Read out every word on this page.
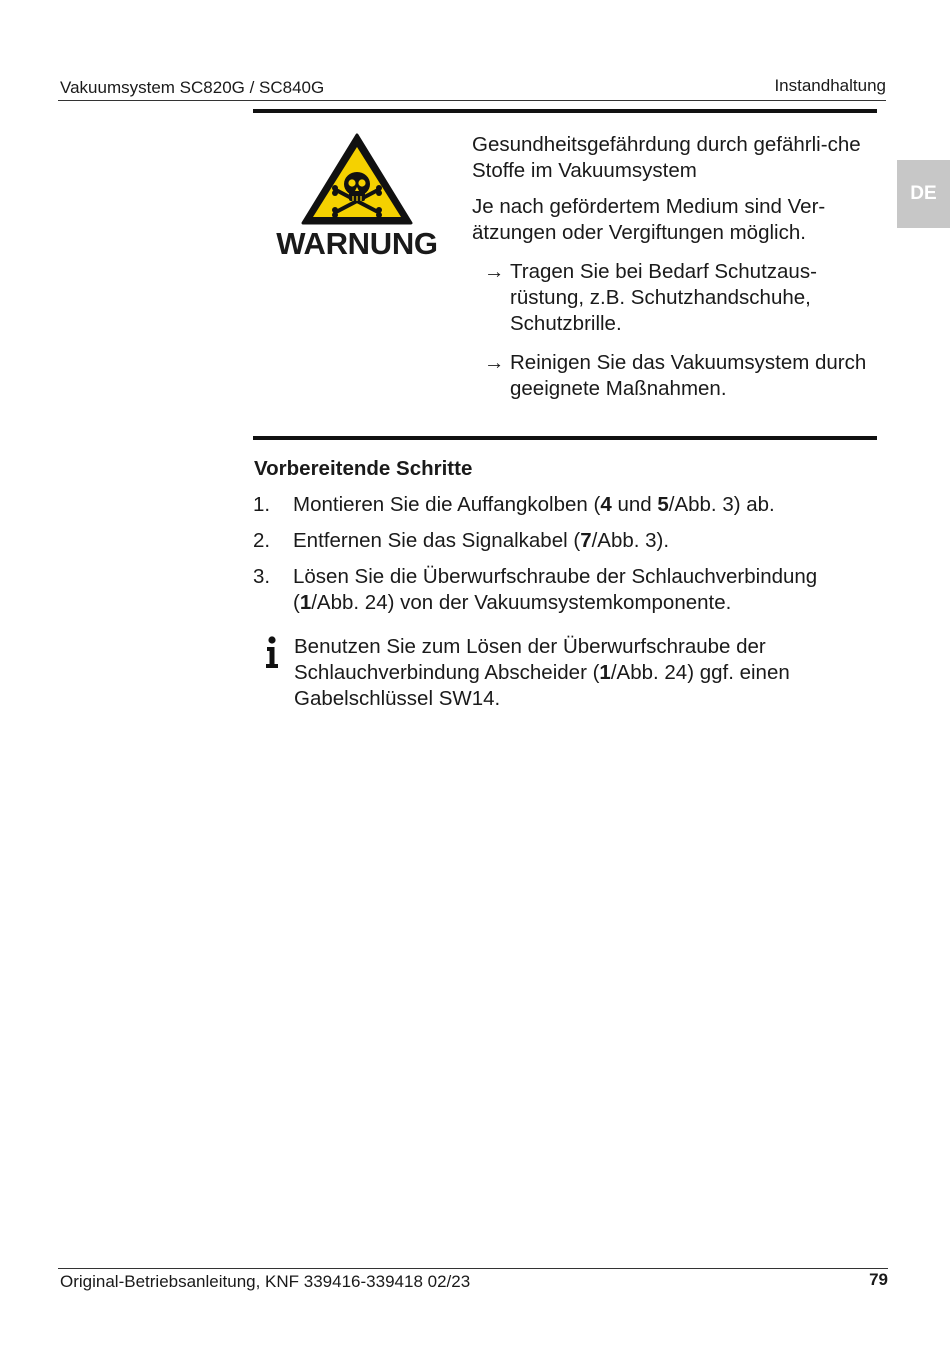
Vakuumsystem SC820G / SC840G	Instandhaltung
DE
WARNUNG

Gesundheitsgefährdung durch gefährli-che Stoffe im Vakuumsystem

Je nach gefördertem Medium sind Ver-ätzungen oder Vergiftungen möglich.

→ Tragen Sie bei Bedarf Schutzaus-rüstung, z.B. Schutzhandschuhe, Schutzbrille.
→ Reinigen Sie das Vakuumsystem durch geeignete Maßnahmen.
Vorbereitende Schritte
1. Montieren Sie die Auffangkolben (4 und 5/Abb. 3) ab.
2. Entfernen Sie das Signalkabel (7/Abb. 3).
3. Lösen Sie die Überwurfschraube der Schlauchverbindung (1/Abb. 24) von der Vakuumsystemkomponente.
Benutzen Sie zum Lösen der Überwurfschraube der Schlauchverbindung Abscheider (1/Abb. 24) ggf. einen Gabelschlüssel SW14.
Original-Betriebsanleitung, KNF 339416-339418 02/23	79
